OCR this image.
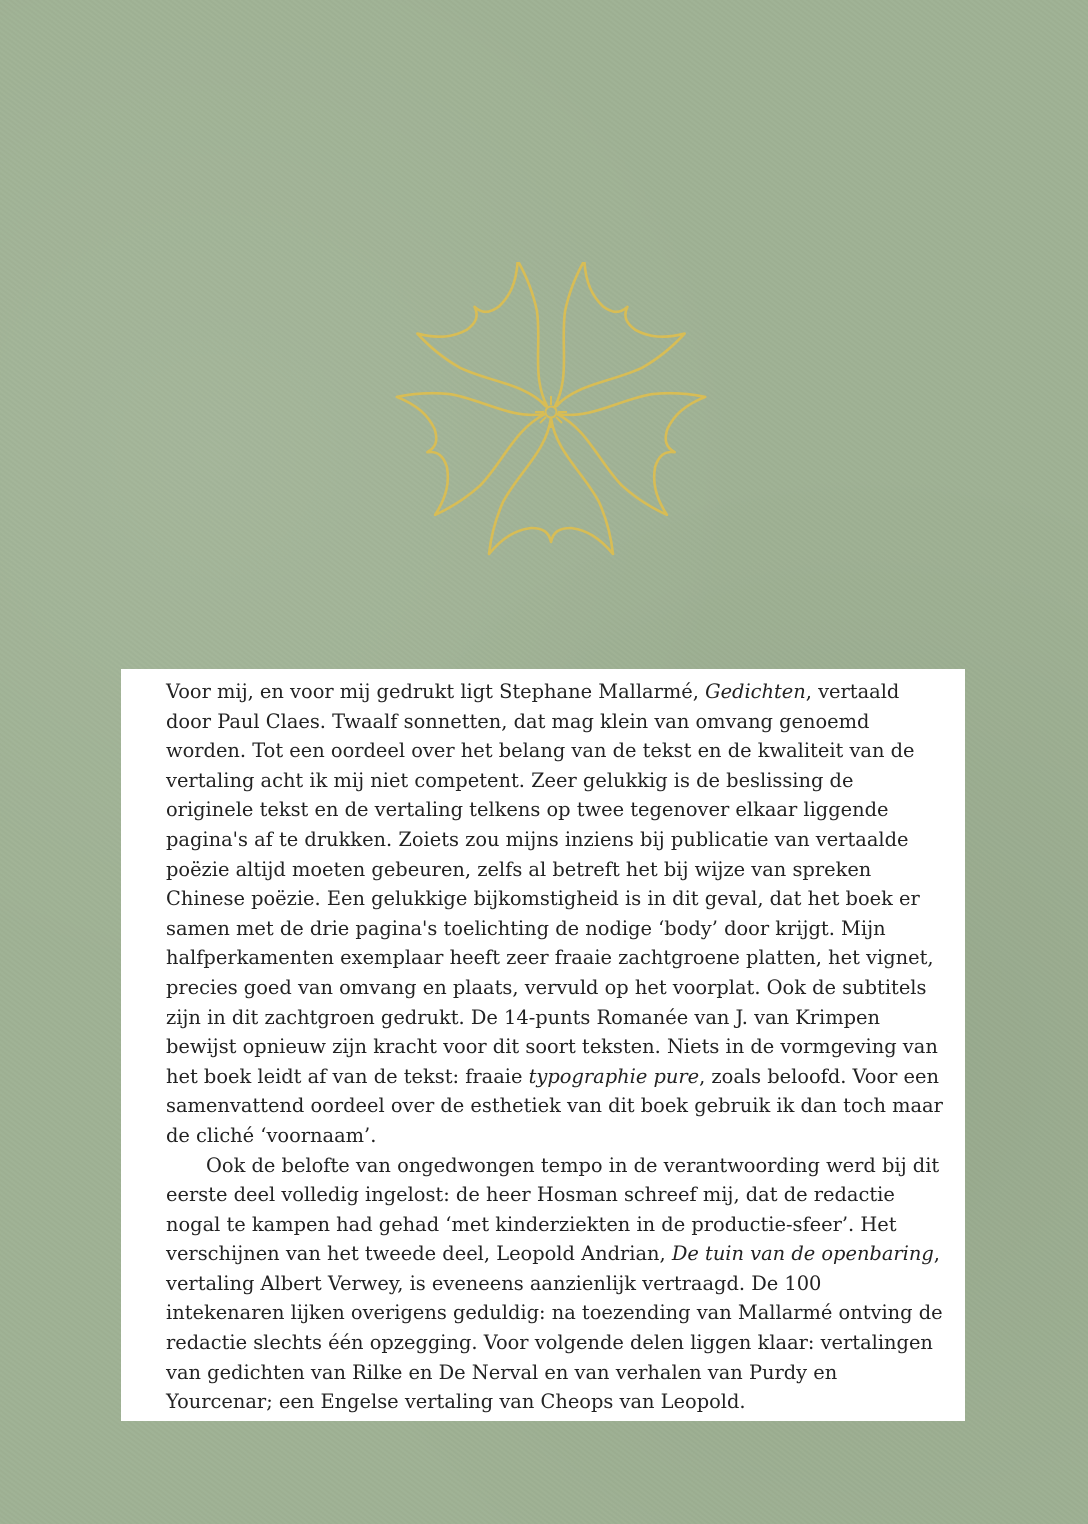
Voor mij, en voor mij gedrukt ligt Stephane Mallarmé, Gedichten, vertaald door Paul Claes. Twaalf sonnetten, dat mag klein van omvang genoemd worden. Tot een oordeel over het belang van de tekst en de kwaliteit van de vertaling acht ik mij niet competent. Zeer gelukkig is de beslissing de originele tekst en de vertaling telkens op twee tegenover elkaar liggende pagina's af te drukken. Zoiets zou mijns inziens bij publicatie van vertaalde poëzie altijd moeten gebeuren, zelfs al betreft het bij wijze van spreken Chinese poëzie. Een gelukkige bijkomstigheid is in dit geval, dat het boek er samen met de drie pagina's toelichting de nodige ‘body’ door krijgt. Mijn halfperkamenten exemplaar heeft zeer fraaie zachtgroene platten, het vignet, precies goed van omvang en plaats, vervuld op het voorplat. Ook de subtitels zijn in dit zachtgroen gedrukt. De 14-punts Romanée van J. van Krimpen bewijst opnieuw zijn kracht voor dit soort teksten. Niets in de vormgeving van het boek leidt af van de tekst: fraaie typographie pure, zoals beloofd. Voor een samenvattend oordeel over de esthetiek van dit boek gebruik ik dan toch maar de cliché ‘voornaam’.

Ook de belofte van ongedwongen tempo in de verantwoording werd bij dit eerste deel volledig ingelost: de heer Hosman schreef mij, dat de redactie nogal te kampen had gehad ‘met kinderziekten in de productie-sfeer’. Het verschijnen van het tweede deel, Leopold Andrian, De tuin van de openbaring, vertaling Albert Verwey, is eveneens aanzienlijk vertraagd. De 100 intekenaren lijken overigens geduldig: na toezending van Mallarmé ontving de redactie slechts één opzegging. Voor volgende delen liggen klaar: vertalingen van gedichten van Rilke en De Nerval en van verhalen van Purdy en Yourcenar; een Engelse vertaling van Cheops van Leopold.
